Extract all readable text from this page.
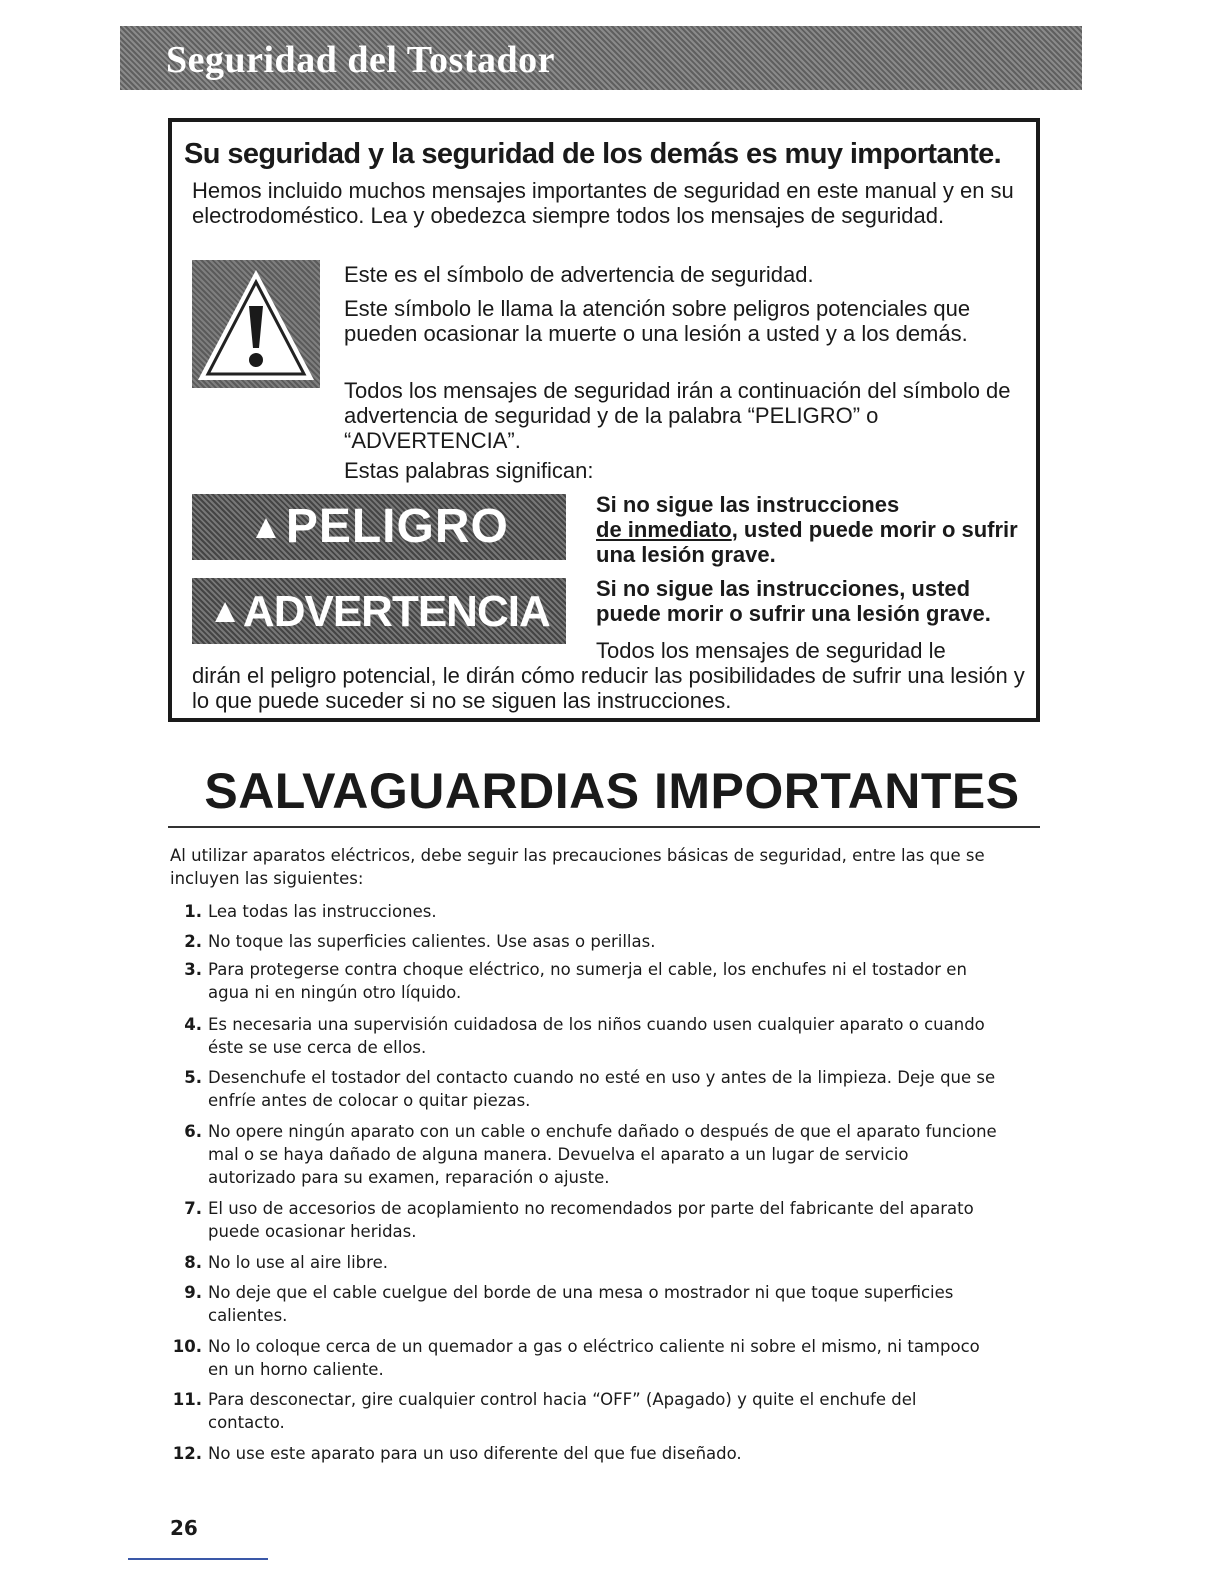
Seguridad del Tostador
Su seguridad y la seguridad de los demás es muy importante.
Hemos incluido muchos mensajes importantes de seguridad en este manual y en su electrodoméstico. Lea y obedezca siempre todos los mensajes de seguridad.
Este es el símbolo de advertencia de seguridad.
Este símbolo le llama la atención sobre peligros potenciales que pueden ocasionar la muerte o una lesión a usted y a los demás.
Todos los mensajes de seguridad irán a continuación del símbolo de advertencia de seguridad y de la palabra “PELIGRO” o “ADVERTENCIA”.
Estas palabras significan:
▲PELIGRO	Si no sigue las instrucciones
de inmediato, usted puede morir o sufrir una lesión grave.
▲ADVERTENCIA	Si no sigue las instrucciones, usted puede morir o sufrir una lesión grave.
Todos los mensajes de seguridad le
dirán el peligro potencial, le dirán cómo reducir las posibilidades de sufrir una lesión y lo que puede suceder si no se siguen las instrucciones.
SALVAGUARDIAS IMPORTANTES
Al utilizar aparatos eléctricos, debe seguir las precauciones básicas de seguridad, entre las que se incluyen las siguientes:
1. Lea todas las instrucciones.
2. No toque las superficies calientes. Use asas o perillas.
3. Para protegerse contra choque eléctrico, no sumerja el cable, los enchufes ni el tostador en agua ni en ningún otro líquido.
4. Es necesaria una supervisión cuidadosa de los niños cuando usen cualquier aparato o cuando éste se use cerca de ellos.
5. Desenchufe el tostador del contacto cuando no esté en uso y antes de la limpieza. Deje que se enfríe antes de colocar o quitar piezas.
6. No opere ningún aparato con un cable o enchufe dañado o después de que el aparato funcione mal o se haya dañado de alguna manera. Devuelva el aparato a un lugar de servicio autorizado para su examen, reparación o ajuste.
7. El uso de accesorios de acoplamiento no recomendados por parte del fabricante del aparato puede ocasionar heridas.
8. No lo use al aire libre.
9. No deje que el cable cuelgue del borde de una mesa o mostrador ni que toque superficies calientes.
10. No lo coloque cerca de un quemador a gas o eléctrico caliente ni sobre el mismo, ni tampoco en un horno caliente.
11. Para desconectar, gire cualquier control hacia “OFF” (Apagado) y quite el enchufe del contacto.
12. No use este aparato para un uso diferente del que fue diseñado.
26
